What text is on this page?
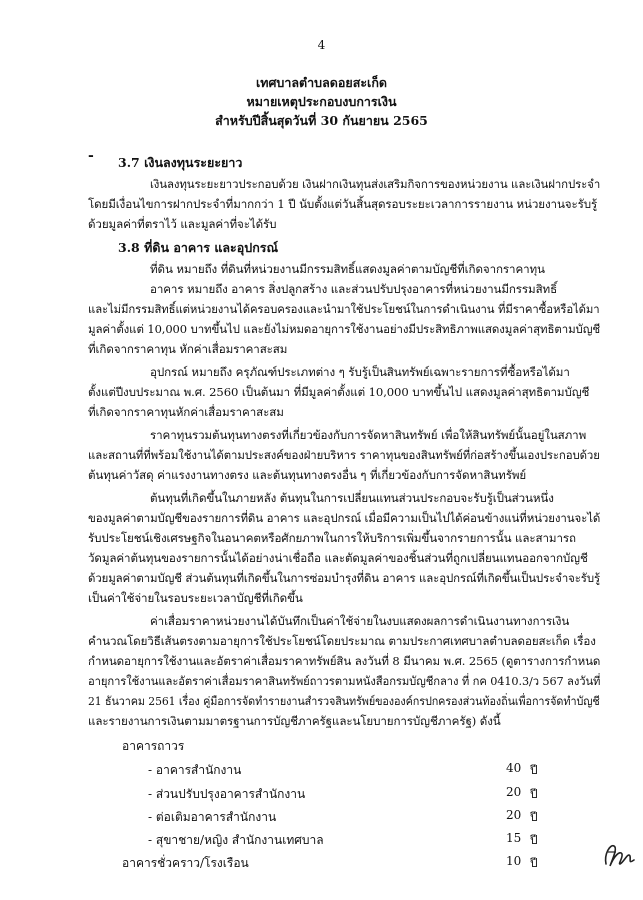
4
เทศบาลตำบลดอยสะเก็ด
หมายเหตุประกอบงบการเงิน
สำหรับปีสิ้นสุดวันที่ 30 กันยายน 2565
- 3.7 เงินลงทุนระยะยาว
เงินลงทุนระยะยาวประกอบด้วย เงินฝากเงินทุนส่งเสริมกิจการของหน่วยงาน และเงินฝากประจำ
โดยมีเงื่อนไขการฝากประจำที่มากกว่า 1 ปี นับตั้งแต่วันสิ้นสุดรอบระยะเวลาการรายงาน หน่วยงานจะรับรู้
ด้วยมูลค่าที่ตราไว้ และมูลค่าที่จะได้รับ
3.8 ที่ดิน อาคาร และอุปกรณ์
ที่ดิน หมายถึง ที่ดินที่หน่วยงานมีกรรมสิทธิ์แสดงมูลค่าตามบัญชีที่เกิดจากราคาทุน
อาคาร หมายถึง อาคาร สิ่งปลูกสร้าง และส่วนปรับปรุงอาคารที่หน่วยงานมีกรรมสิทธิ์
และไม่มีกรรมสิทธิ์แต่หน่วยงานได้ครอบครองและนำมาใช้ประโยชน์ในการดำเนินงาน ที่มีราคาซื้อหรือได้มา
มูลค่าตั้งแต่ 10,000 บาทขึ้นไป และยังไม่หมดอายุการใช้งานอย่างมีประสิทธิภาพแสดงมูลค่าสุทธิตามบัญชี
ที่เกิดจากราคาทุน หักค่าเสื่อมราคาสะสม
อุปกรณ์ หมายถึง ครุภัณฑ์ประเภทต่าง ๆ รับรู้เป็นสินทรัพย์เฉพาะรายการที่ซื้อหรือได้มา
ตั้งแต่ปีงบประมาณ พ.ศ. 2560 เป็นต้นมา ที่มีมูลค่าตั้งแต่ 10,000 บาทขึ้นไป แสดงมูลค่าสุทธิตามบัญชี
ที่เกิดจากราคาทุนหักค่าเสื่อมราคาสะสม
ราคาทุนรวมต้นทุนทางตรงที่เกี่ยวข้องกับการจัดหาสินทรัพย์ เพื่อให้สินทรัพย์นั้นอยู่ในสภาพ
และสถานที่ที่พร้อมใช้งานได้ตามประสงค์ของฝ่ายบริหาร ราคาทุนของสินทรัพย์ที่ก่อสร้างขึ้นเองประกอบด้วย
ต้นทุนค่าวัสดุ ค่าแรงงานทางตรง และต้นทุนทางตรงอื่น ๆ ที่เกี่ยวข้องกับการจัดหาสินทรัพย์
ต้นทุนที่เกิดขึ้นในภายหลัง ต้นทุนในการเปลี่ยนแทนส่วนประกอบจะรับรู้เป็นส่วนหนึ่ง
ของมูลค่าตามบัญชีของรายการที่ดิน อาคาร และอุปกรณ์ เมื่อมีความเป็นไปได้ค่อนข้างแน่ที่หน่วยงานจะได้
รับประโยชน์เชิงเศรษฐกิจในอนาคตหรือศักยภาพในการให้บริการเพิ่มขึ้นจากรายการนั้น และสามารถ
วัดมูลค่าต้นทุนของรายการนั้นได้อย่างน่าเชื่อถือ และตัดมูลค่าของชิ้นส่วนที่ถูกเปลี่ยนแทนออกจากบัญชี
ด้วยมูลค่าตามบัญชี ส่วนต้นทุนที่เกิดขึ้นในการซ่อมบำรุงที่ดิน อาคาร และอุปกรณ์ที่เกิดขึ้นเป็นประจำจะรับรู้
เป็นค่าใช้จ่ายในรอบระยะเวลาบัญชีที่เกิดขึ้น
ค่าเสื่อมราคาหน่วยงานได้บันทึกเป็นค่าใช้จ่ายในงบแสดงผลการดำเนินงานทางการเงิน
คำนวณโดยวิธีเส้นตรงตามอายุการใช้ประโยชน์โดยประมาณ ตามประกาศเทศบาลตำบลดอยสะเก็ด เรื่อง
กำหนดอายุการใช้งานและอัตราค่าเสื่อมราคาทรัพย์สิน ลงวันที่ 8 มีนาคม พ.ศ. 2565 (ดูตารางการกำหนด
อายุการใช้งานและอัตราค่าเสื่อมราคาสินทรัพย์ถาวรตามหนังสือกรมบัญชีกลาง ที่ กค 0410.3/ว 567 ลงวันที่
21 ธันวาคม 2561 เรื่อง คู่มือการจัดทำรายงานสำรวจสินทรัพย์ขององค์กรปกครองส่วนท้องถิ่นเพื่อการจัดทำบัญชี
และรายงานการเงินตามมาตรฐานการบัญชีภาครัฐและนโยบายการบัญชีภาครัฐ) ดังนี้
อาคารถาวร
- อาคารสำนักงาน	40 ปี
- ส่วนปรับปรุงอาคารสำนักงาน	20 ปี
- ต่อเติมอาคารสำนักงาน	20 ปี
- สุขาชาย/หญิง สำนักงานเทศบาล	15 ปี
อาคารชั่วคราว/โรงเรือน	10 ปี
